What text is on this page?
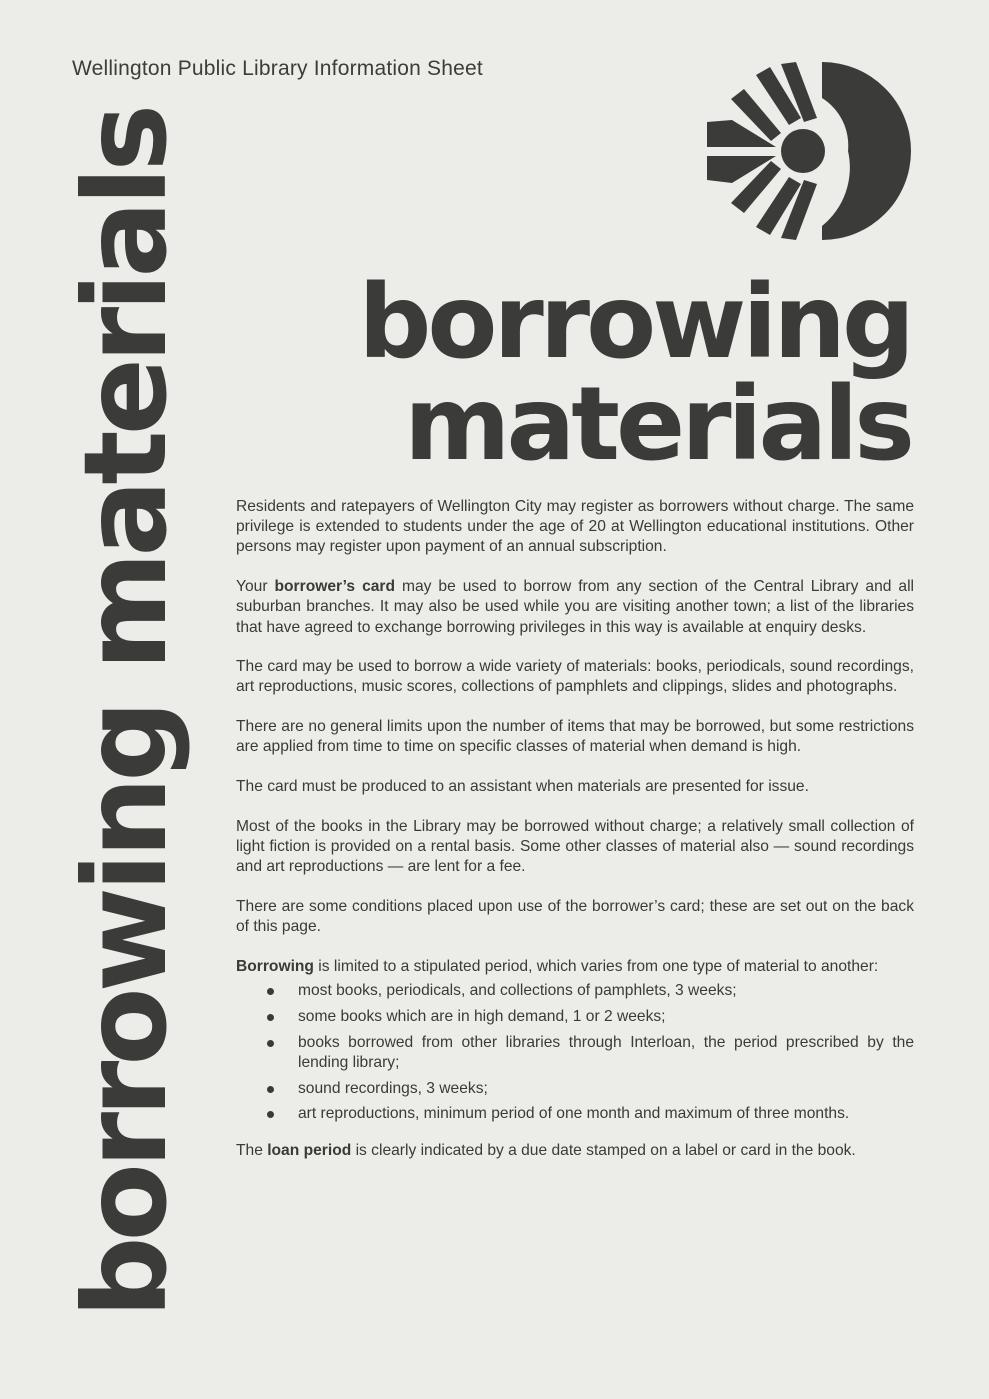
Wellington Public Library Information Sheet
borrowing
materials
borrowing materials	Residents and ratepayers of Wellington City may register as borrowers without charge. The same privilege is extended to students under the age of 20 at Wellington educational institutions. Other persons may register upon payment of an annual subscription.

Your borrower’s card may be used to borrow from any section of the Central Library and all suburban branches. It may also be used while you are visiting another town; a list of the libraries that have agreed to exchange borrowing privileges in this way is available at enquiry desks.

The card may be used to borrow a wide variety of materials: books, periodicals, sound recordings, art reproductions, music scores, collections of pamphlets and clippings, slides and photographs.

There are no general limits upon the number of items that may be borrowed, but some restrictions are applied from time to time on specific classes of material when demand is high.

The card must be produced to an assistant when materials are presented for issue.

Most of the books in the Library may be borrowed without charge; a relatively small collection of light fiction is provided on a rental basis. Some other classes of material also — sound recordings and art reproductions — are lent for a fee.

There are some conditions placed upon use of the borrower’s card; these are set out on the back of this page.

Borrowing is limited to a stipulated period, which varies from one type of material to another:

most books, periodicals, and collections of pamphlets, 3 weeks;
some books which are in high demand, 1 or 2 weeks;
books borrowed from other libraries through Interloan, the period prescribed by the lending library;
sound recordings, 3 weeks;
art reproductions, minimum period of one month and maximum of three months.

The loan period is clearly indicated by a due date stamped on a label or card in the book.
